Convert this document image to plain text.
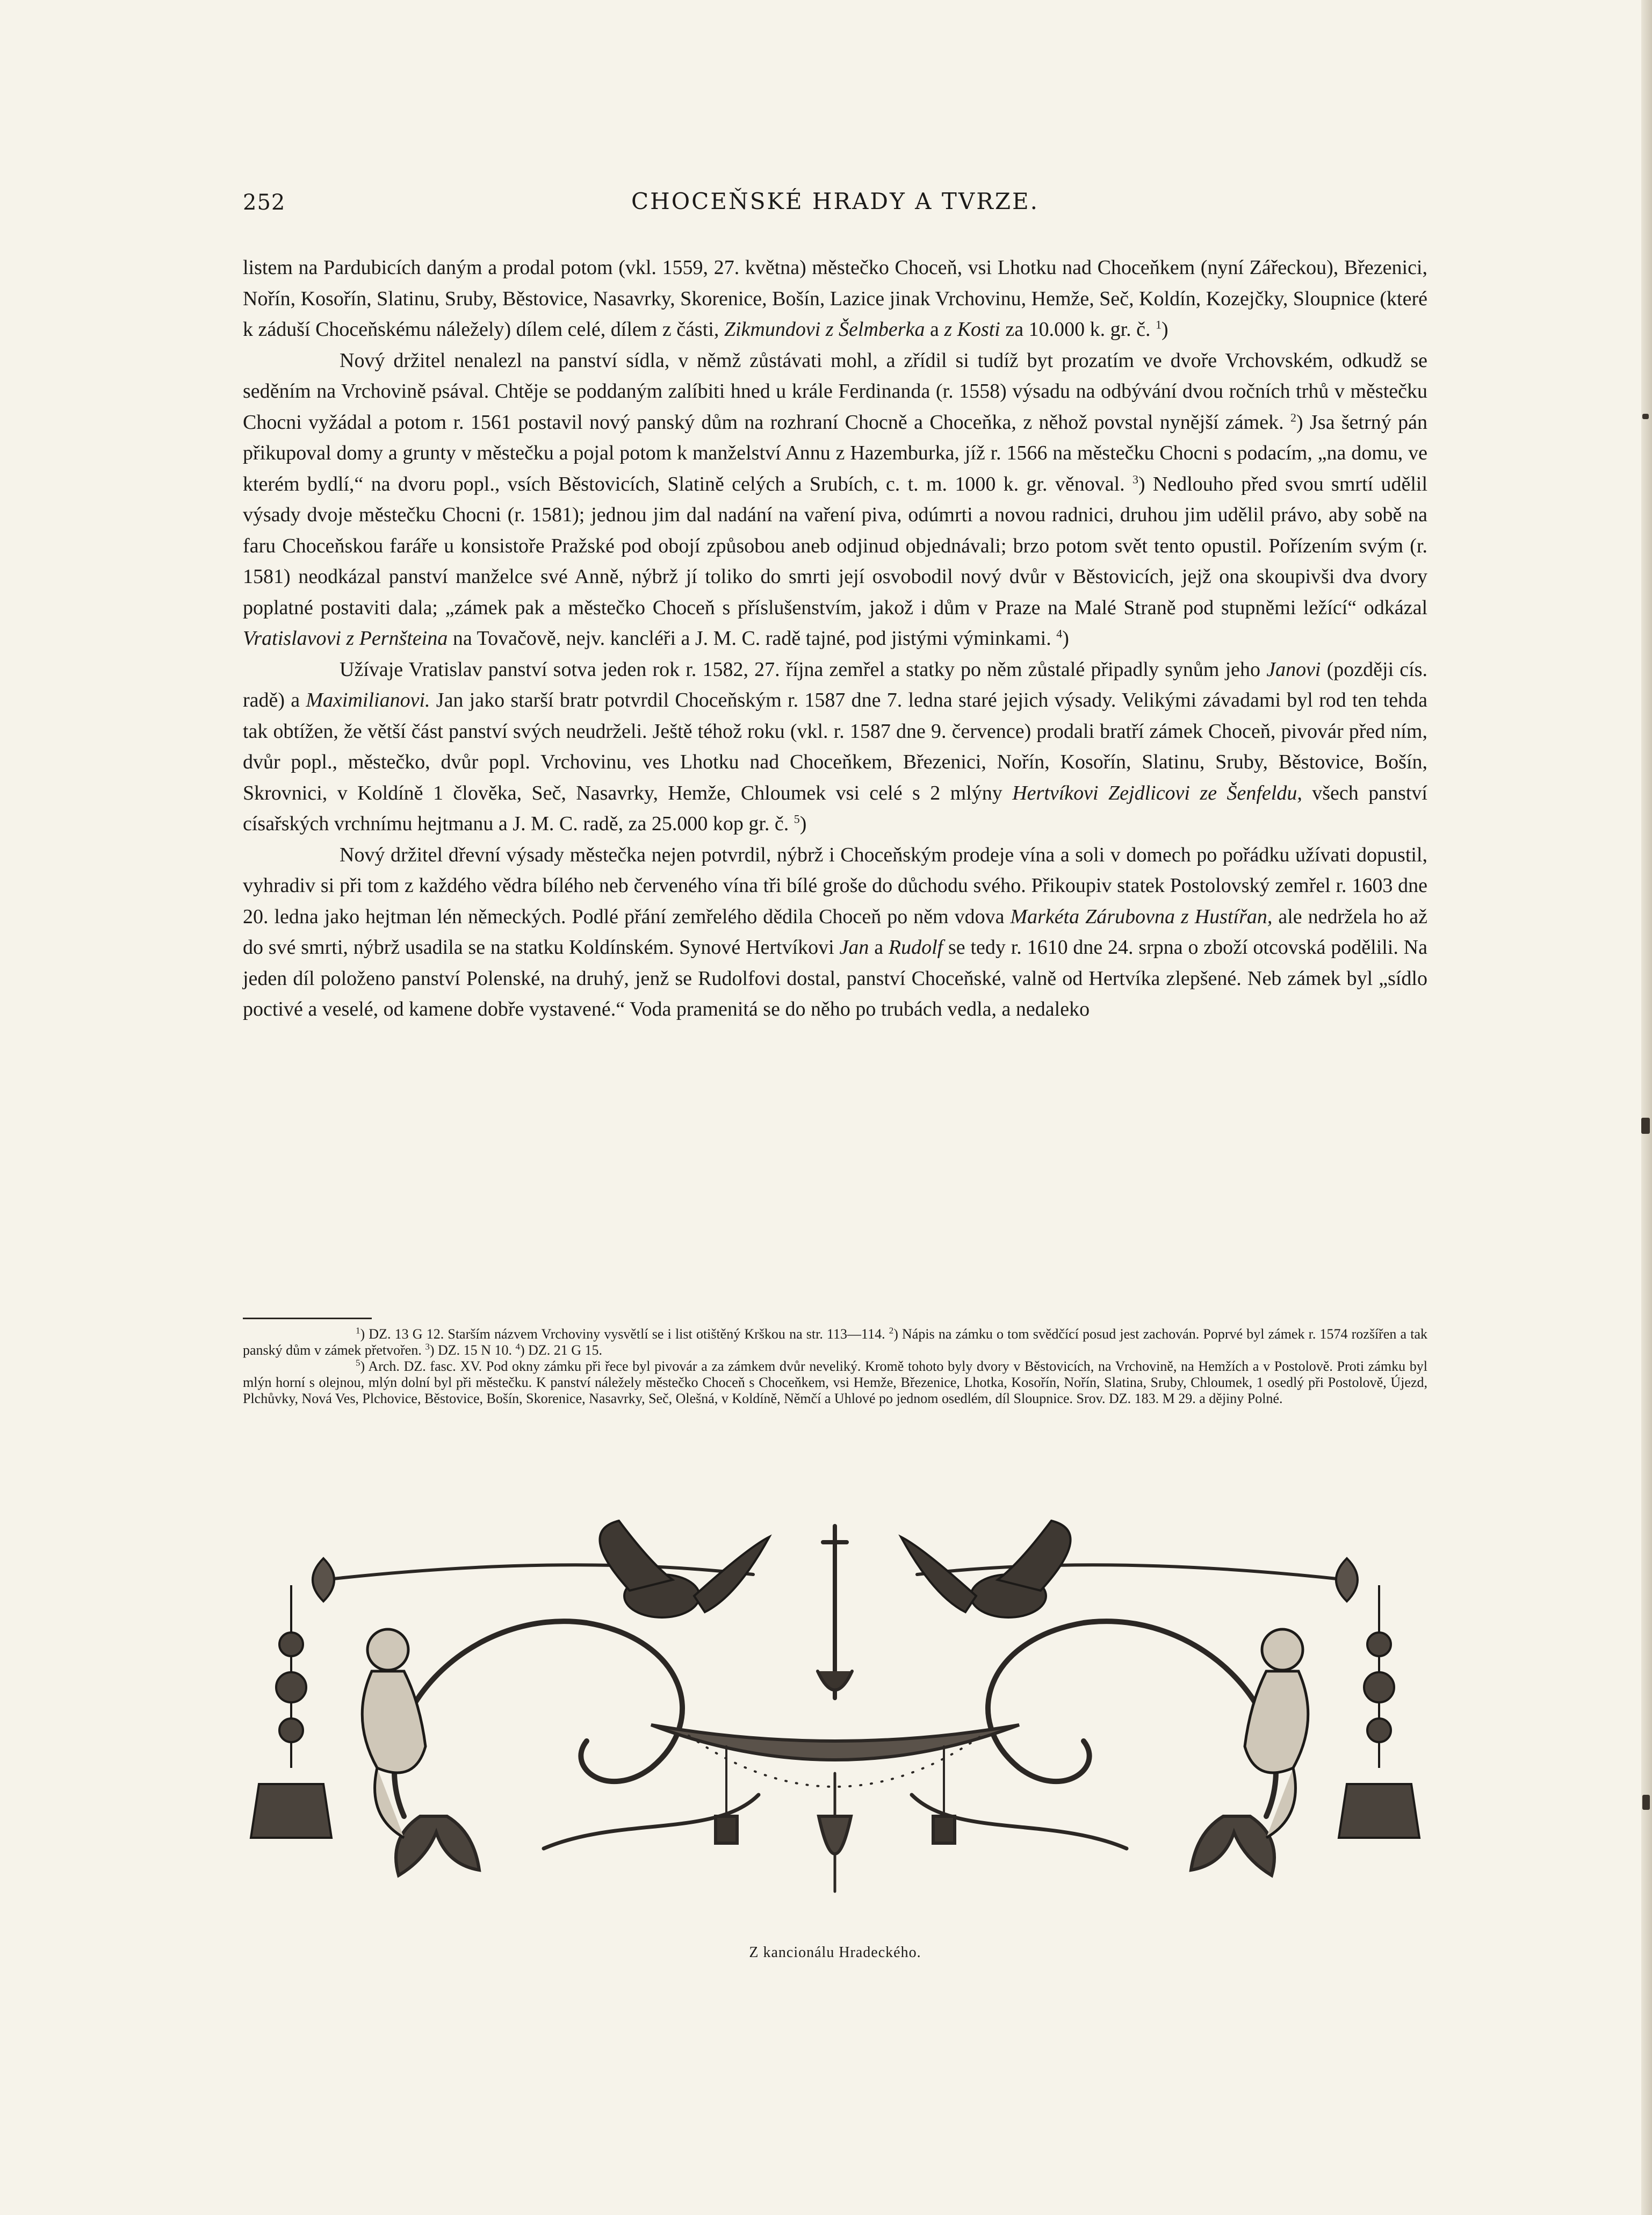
252	CHOCEŇSKÉ HRADY A TVRZE.

listem na Pardubicích daným a prodal potom (vkl. 1559, 27. května) městečko Choceň, vsi Lhotku nad Choceňkem (nyní Zářeckou), Březenici, Nořín, Kosořín, Slatinu, Sruby, Běstovice, Nasavrky, Skorenice, Bošín, Lazice jinak Vrchovinu, Hemže, Seč, Koldín, Kozejčky, Sloupnice (které k záduší Choceňskému náležely) dílem celé, dílem z části, Zikmundovi z Šelmberka a z Kosti za 10.000 k. gr. č. $^1$)

Nový držitel nenalezl na panství sídla, v němž zůstávati mohl, a zřídil si tudíž byt prozatím ve dvoře Vrchovském, odkudž se seděním na Vrchovině psával. Chtěje se poddaným zalíbiti hned u krále Ferdinanda (r. 1558) výsadu na odbývání dvou ročních trhů v městečku Chocni vyžádal a potom r. 1561 postavil nový panský dům na rozhraní Chocně a Choceňka, z něhož povstal nynější zámek. $^2$) Jsa šetrný pán přikupoval domy a grunty v městečku a pojal potom k manželství Annu z Hazemburka, jíž r. 1566 na městečku Chocni s podacím, „na domu, ve kterém bydlí,“ na dvoru popl., vsích Běstovicích, Slatině celých a Srubích, c. t. m. 1000 k. gr. věnoval. $^3$) Nedlouho před svou smrtí udělil výsady dvoje městečku Chocni (r. 1581); jednou jim dal nadání na vaření piva, odúmrti a novou radnici, druhou jim udělil právo, aby sobě na faru Choceňskou faráře u konsistoře Pražské pod obojí způsobou aneb odjinud objednávali; brzo potom svět tento opustil. Pořízením svým (r. 1581) neodkázal panství manželce své Anně, nýbrž jí toliko do smrti její osvobodil nový dvůr v Běstovicích, jejž ona skoupivši dva dvory poplatné postaviti dala; „zámek pak a městečko Choceň s příslušenstvím, jakož i dům v Praze na Malé Straně pod stupněmi ležící“ odkázal Vratislavovi z Pernšteina na Tovačově, nejv. kancléři a J. M. C. radě tajné, pod jistými výminkami. $^4$)

Užívaje Vratislav panství sotva jeden rok r. 1582, 27. října zemřel a statky po něm zůstalé připadly synům jeho Janovi (později cís. radě) a Maximilianovi. Jan jako starší bratr potvrdil Choceňským r. 1587 dne 7. ledna staré jejich výsady. Velikými závadami byl rod ten tehda tak obtížen, že větší část panství svých neudrželi. Ještě téhož roku (vkl. r. 1587 dne 9. července) prodali bratří zámek Choceň, pivovár před ním, dvůr popl., městečko, dvůr popl. Vrchovinu, ves Lhotku nad Choceňkem, Březenici, Nořín, Kosořín, Slatinu, Sruby, Běstovice, Bošín, Skrovnici, v Koldíně 1 člověka, Seč, Nasavrky, Hemže, Chloumek vsi celé s 2 mlýny Hertvíkovi Zejdlicovi ze Šenfeldu, všech panství císařských vrchnímu hejtmanu a J. M. C. radě, za 25.000 kop gr. č. $^5$)

Nový držitel dřevní výsady městečka nejen potvrdil, nýbrž i Choceňským prodeje vína a soli v domech po pořádku užívati dopustil, vyhradiv si při tom z každého vědra bílého neb červeného vína tři bílé groše do důchodu svého. Přikoupiv statek Postolovský zemřel r. 1603 dne 20. ledna jako hejtman lén německých. Podlé přání zemřelého dědila Choceň po něm vdova Markéta Zárubovna z Hustířan, ale nedržela ho až do své smrti, nýbrž usadila se na statku Koldínském. Synové Hertvíkovi Jan a Rudolf se tedy r. 1610 dne 24. srpna o zboží otcovská podělili. Na jeden díl položeno panství Polenské, na druhý, jenž se Rudolfovi dostal, panství Choceňské, valně od Hertvíka zlepšené. Neb zámek byl „sídlo poctivé a veselé, od kamene dobře vystavené.“ Voda pramenitá se do něho po trubách vedla, a nedaleko

$^1$) DZ. 13 G 12. Starším názvem Vrchoviny vysvětlí se i list otištěný Krškou na str. 113—114. $^2$) Nápis na zámku o tom svědčící posud jest zachován. Poprvé byl zámek r. 1574 rozšířen a tak panský dům v zámek přetvořen. $^3$) DZ. 15 N 10. $^4$) DZ. 21 G 15.

$^5$) Arch. DZ. fasc. XV. Pod okny zámku při řece byl pivovár a za zámkem dvůr neveliký. Kromě tohoto byly dvory v Běstovicích, na Vrchovině, na Hemžích a v Postolově. Proti zámku byl mlýn horní s olejnou, mlýn dolní byl při městečku. K panství náležely městečko Choceň s Choceňkem, vsi Hemže, Březenice, Lhotka, Kosořín, Nořín, Slatina, Sruby, Chloumek, 1 osedlý při Postolově, Újezd, Plchůvky, Nová Ves, Plchovice, Běstovice, Bošín, Skorenice, Nasavrky, Seč, Olešná, v Koldíně, Němčí a Uhlové po jednom osedlém, díl Sloupnice. Srov. DZ. 183. M 29. a dějiny Polné.

Z kancionálu Hradeckého.
